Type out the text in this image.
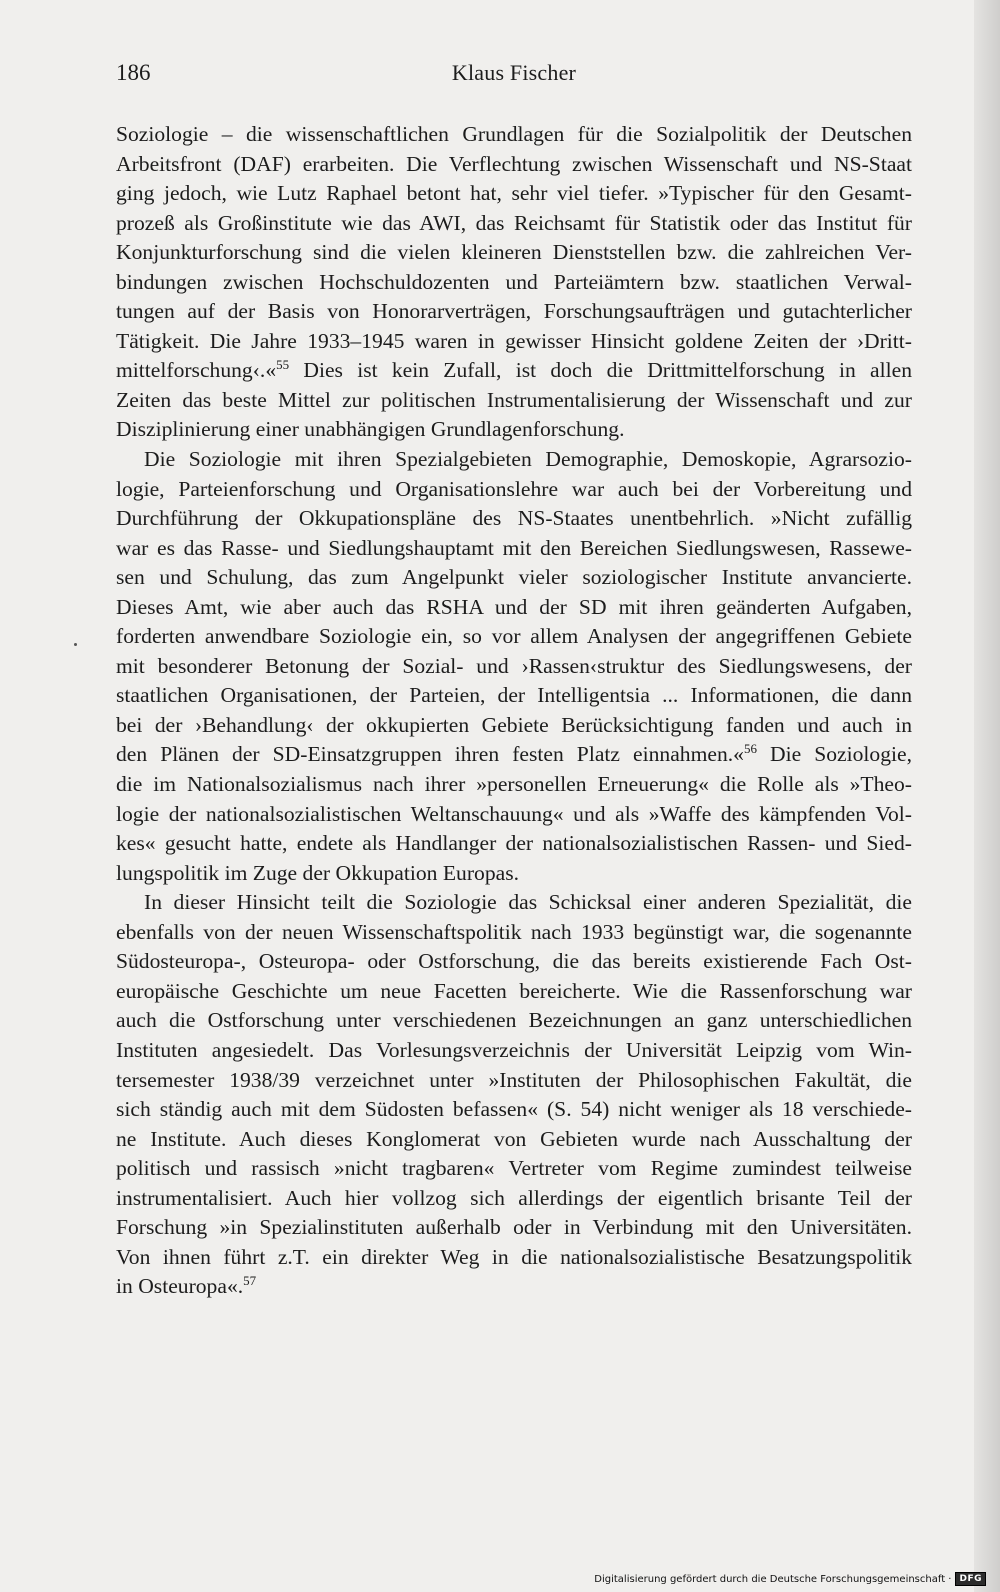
186	Klaus Fischer
Soziologie – die wissenschaftlichen Grundlagen für die Sozialpolitik der Deutschen
Arbeitsfront (DAF) erarbeiten. Die Verflechtung zwischen Wissenschaft und NS-Staat
ging jedoch, wie Lutz Raphael betont hat, sehr viel tiefer. »Typischer für den Gesamt-
prozeß als Großinstitute wie das AWI, das Reichsamt für Statistik oder das Institut für
Konjunkturforschung sind die vielen kleineren Dienststellen bzw. die zahlreichen Ver-
bindungen zwischen Hochschuldozenten und Parteiämtern bzw. staatlichen Verwal-
tungen auf der Basis von Honorarverträgen, Forschungsaufträgen und gutachterlicher
Tätigkeit. Die Jahre 1933–1945 waren in gewisser Hinsicht goldene Zeiten der ›Dritt-
mittelforschung‹.«$^{55}$ Dies ist kein Zufall, ist doch die Drittmittelforschung in allen
Zeiten das beste Mittel zur politischen Instrumentalisierung der Wissenschaft und zur
Disziplinierung einer unabhängigen Grundlagenforschung.
Die Soziologie mit ihren Spezialgebieten Demographie, Demoskopie, Agrarsozio-
logie, Parteienforschung und Organisationslehre war auch bei der Vorbereitung und
Durchführung der Okkupationspläne des NS-Staates unentbehrlich. »Nicht zufällig
war es das Rasse- und Siedlungshauptamt mit den Bereichen Siedlungswesen, Rassewe-
sen und Schulung, das zum Angelpunkt vieler soziologischer Institute anvancierte.
Dieses Amt, wie aber auch das RSHA und der SD mit ihren geänderten Aufgaben,
forderten anwendbare Soziologie ein, so vor allem Analysen der angegriffenen Gebiete
mit besonderer Betonung der Sozial- und ›Rassen‹struktur des Siedlungswesens, der
staatlichen Organisationen, der Parteien, der Intelligentsia ... Informationen, die dann
bei der ›Behandlung‹ der okkupierten Gebiete Berücksichtigung fanden und auch in
den Plänen der SD-Einsatzgruppen ihren festen Platz einnahmen.«$^{56}$ Die Soziologie,
die im Nationalsozialismus nach ihrer »personellen Erneuerung« die Rolle als »Theo-
logie der nationalsozialistischen Weltanschauung« und als »Waffe des kämpfenden Vol-
kes« gesucht hatte, endete als Handlanger der nationalsozialistischen Rassen- und Sied-
lungspolitik im Zuge der Okkupation Europas.
In dieser Hinsicht teilt die Soziologie das Schicksal einer anderen Spezialität, die
ebenfalls von der neuen Wissenschaftspolitik nach 1933 begünstigt war, die sogenannte
Südosteuropa-, Osteuropa- oder Ostforschung, die das bereits existierende Fach Ost-
europäische Geschichte um neue Facetten bereicherte. Wie die Rassenforschung war
auch die Ostforschung unter verschiedenen Bezeichnungen an ganz unterschiedlichen
Instituten angesiedelt. Das Vorlesungsverzeichnis der Universität Leipzig vom Win-
tersemester 1938/39 verzeichnet unter »Instituten der Philosophischen Fakultät, die
sich ständig auch mit dem Südosten befassen« (S. 54) nicht weniger als 18 verschiede-
ne Institute. Auch dieses Konglomerat von Gebieten wurde nach Ausschaltung der
politisch und rassisch »nicht tragbaren« Vertreter vom Regime zumindest teilweise
instrumentalisiert. Auch hier vollzog sich allerdings der eigentlich brisante Teil der
Forschung »in Spezialinstituten außerhalb oder in Verbindung mit den Universitäten.
Von ihnen führt z.T. ein direkter Weg in die nationalsozialistische Besatzungspolitik
in Osteuropa«.$^{57}$
Digitalisierung gefördert durch die Deutsche Forschungsgemeinschaft · DFG
